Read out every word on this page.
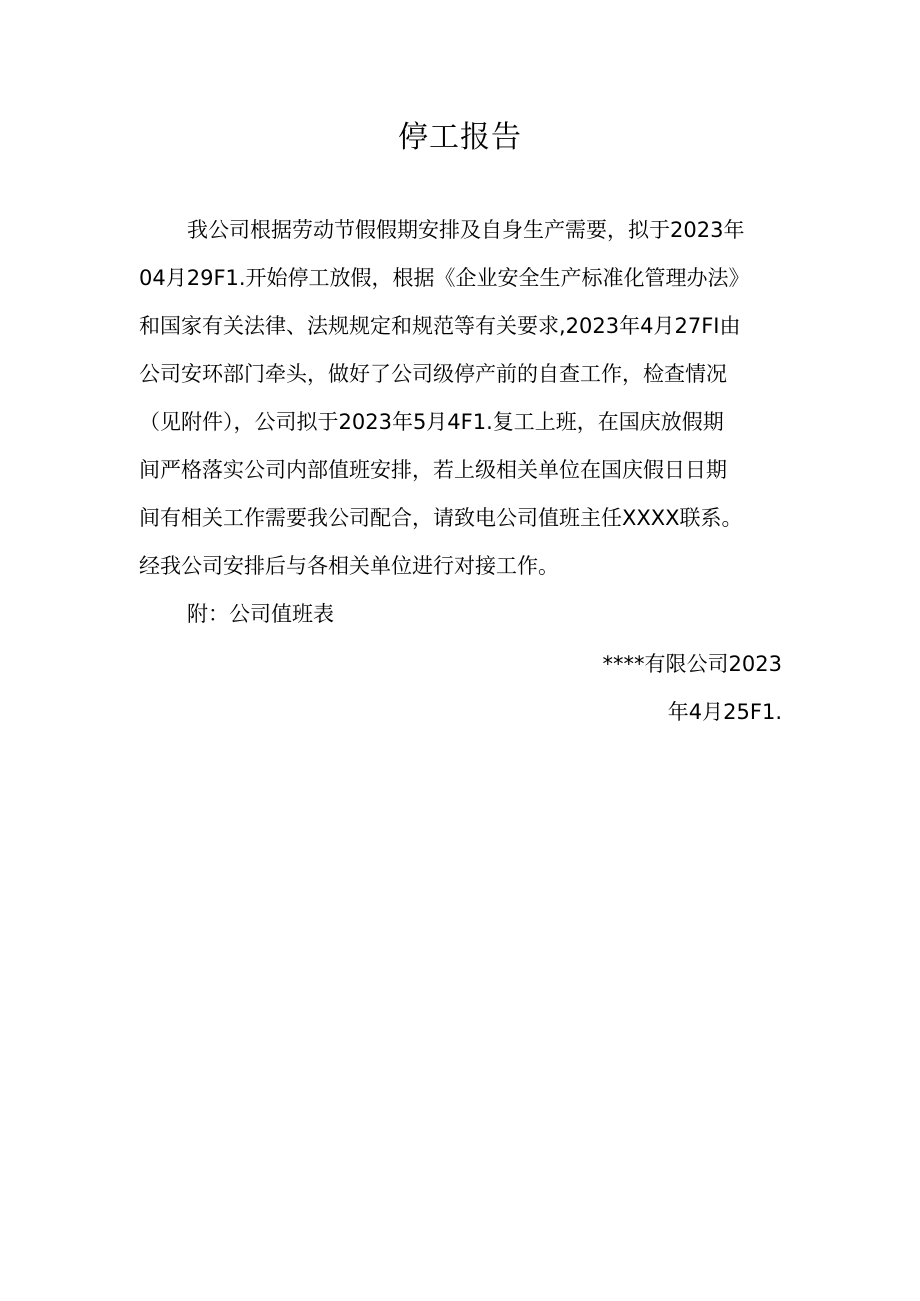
停工报告
我公司根据劳动节假假期安排及自身生产需要，拟于2023年
04月29F1.开始停工放假，根据《企业安全生产标准化管理办法》
和国家有关法律、法规规定和规范等有关要求,2023年4月27FI由
公司安环部门牵头，做好了公司级停产前的自查工作，检查情况
（见附件），公司拟于2023年5月4F1.复工上班，在国庆放假期
间严格落实公司内部值班安排，若上级相关单位在国庆假日日期
间有相关工作需要我公司配合，请致电公司值班主任XXXX联系。
经我公司安排后与各相关单位进行对接工作。
附：公司值班表
****有限公司2023
年4月25F1.
